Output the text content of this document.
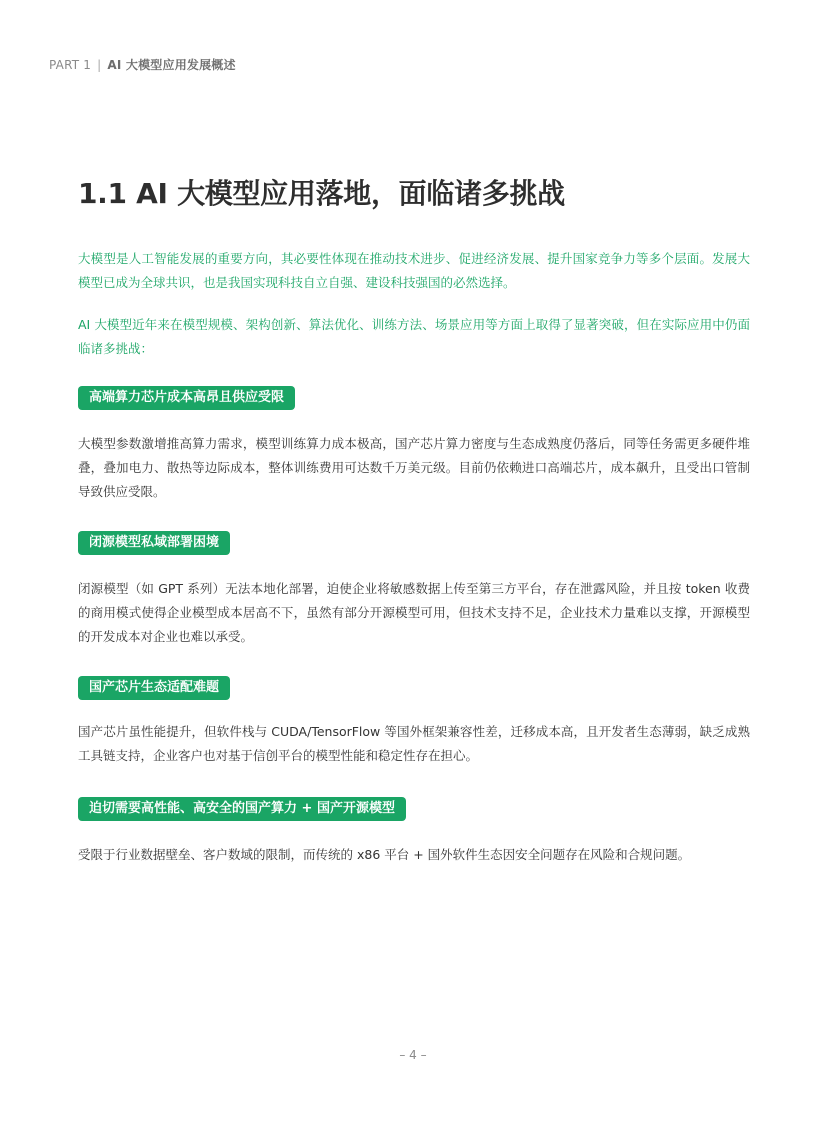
PART 1 | AI 大模型应用发展概述
1.1 AI 大模型应用落地，面临诸多挑战

大模型是人工智能发展的重要方向，其必要性体现在推动技术进步、促进经济发展、提升国家竞争力等多个层面。发展大模型已成为全球共识，也是我国实现科技自立自强、建设科技强国的必然选择。

AI 大模型近年来在模型规模、架构创新、算法优化、训练方法、场景应用等方面上取得了显著突破，但在实际应用中仍面临诸多挑战：

高端算力芯片成本高昂且供应受限

大模型参数激增推高算力需求，模型训练算力成本极高，国产芯片算力密度与生态成熟度仍落后，同等任务需更多硬件堆叠，叠加电力、散热等边际成本，整体训练费用可达数千万美元级。目前仍依赖进口高端芯片，成本飙升，且受出口管制导致供应受限。

闭源模型私域部署困境

闭源模型（如 GPT 系列）无法本地化部署，迫使企业将敏感数据上传至第三方平台，存在泄露风险，并且按 token 收费的商用模式使得企业模型成本居高不下，虽然有部分开源模型可用，但技术支持不足，企业技术力量难以支撑，开源模型的开发成本对企业也难以承受。

国产芯片生态适配难题

国产芯片虽性能提升，但软件栈与 CUDA/TensorFlow 等国外框架兼容性差，迁移成本高，且开发者生态薄弱，缺乏成熟工具链支持，企业客户也对基于信创平台的模型性能和稳定性存在担心。

迫切需要高性能、高安全的国产算力 + 国产开源模型

受限于行业数据壁垒、客户数域的限制，而传统的 x86 平台 + 国外软件生态因安全问题存在风险和合规问题。

– 4 –
